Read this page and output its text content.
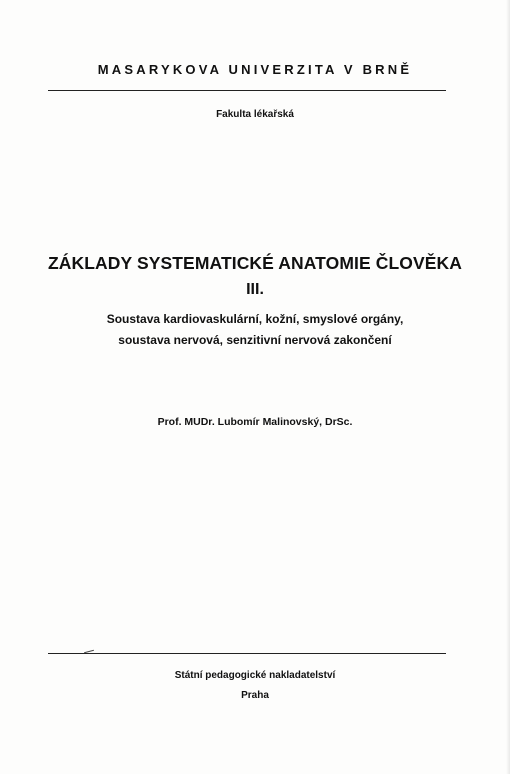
MASARYKOVA UNIVERZITA V BRNĚ
Fakulta lékařská
ZÁKLADY SYSTEMATICKÉ ANATOMIE ČLOVĚKA
III.
Soustava kardiovaskulární, kožní, smyslové orgány,
soustava nervová, senzitivní nervová zakončení
Prof. MUDr. Lubomír Malinovský, DrSc.
Státní pedagogické nakladatelství
Praha
